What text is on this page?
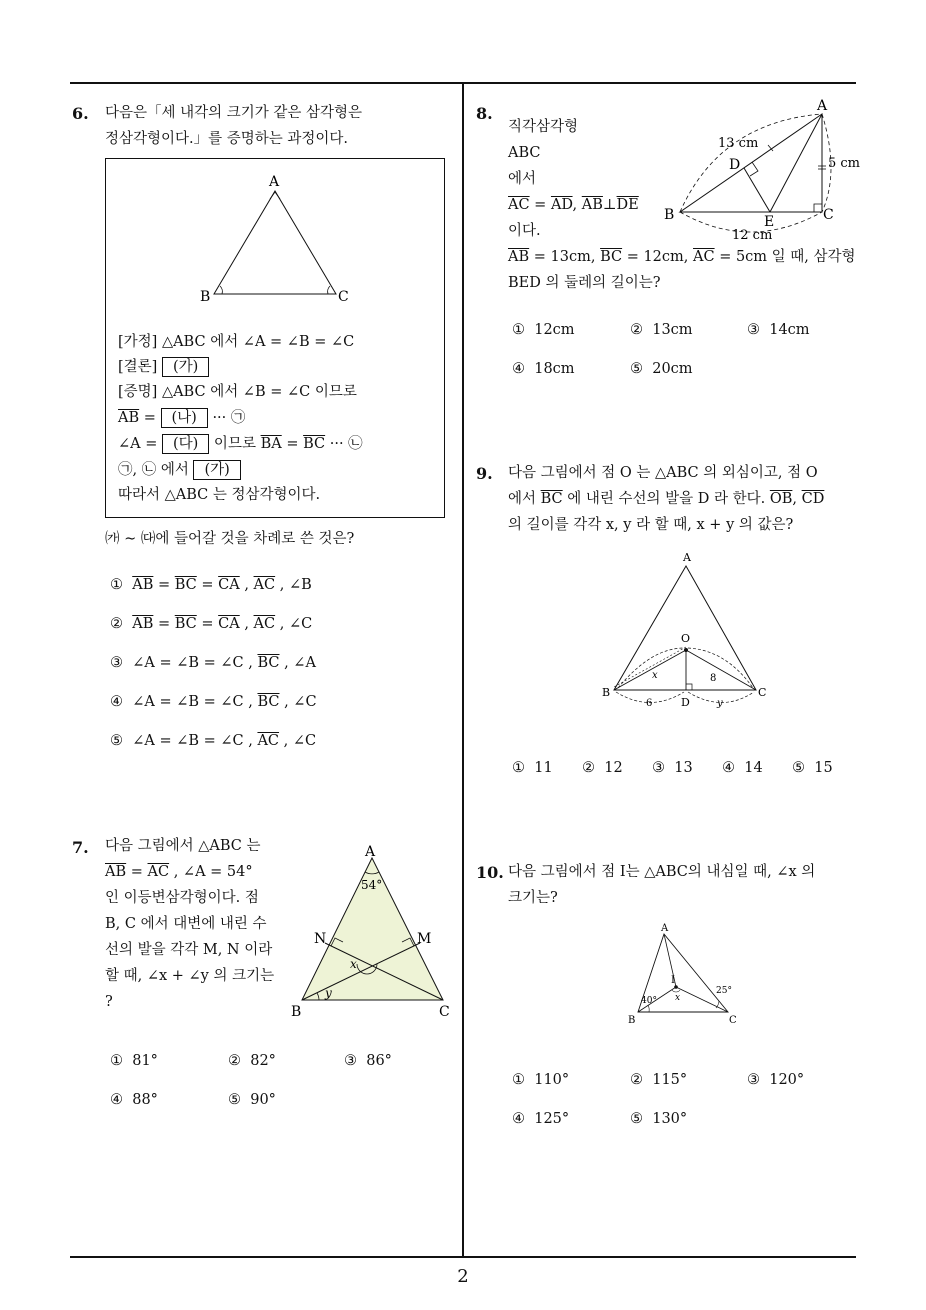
2
6. 다음은「세 내각의 크기가 같은 삼각형은
정삼각형이다.」를 증명하는 과정이다.
A
B	C
[가정] △ABC 에서 ∠A = ∠B = ∠C
[결론] (가)
[증명] △ABC 에서 ∠B = ∠C 이므로
$\overline{AB}$ = (나) ··· ㉠
∠A = (다) 이므로 $\overline{BA} = \overline{BC}$ ··· ㉡
㉠, ㉡ 에서 (가)
따라서 △ABC 는 정삼각형이다.
㈎ ∼ ㈐에 들어갈 것을 차례로 쓴 것은?
① $\overline{AB} = \overline{BC} = \overline{CA}$ , $\overline{AC}$ , ∠B
② $\overline{AB} = \overline{BC} = \overline{CA}$ , $\overline{AC}$ , ∠C
③ ∠A = ∠B = ∠C , $\overline{BC}$ , ∠A
④ ∠A = ∠B = ∠C , $\overline{BC}$ , ∠C
⑤ ∠A = ∠B = ∠C , $\overline{AC}$ , ∠C
7. 다음 그림에서 △ABC 는
$\overline{AB} = \overline{AC}$ , ∠A = 54°
인 이등변삼각형이다. 점
B, C 에서 대변에 내린 수
선의 발을 각각 M, N 이라
할 때, ∠x + ∠y 의 크기는
?
A
B	C
N	M
54°
x
y
① 81°	② 82°	③ 86°
④ 88°	⑤ 90°
8.
직각삼각형
ABC
에서
$\overline{AC} = \overline{AD}$, $\overline{AB}\perp\overline{DE}$
이다.
$\overline{AB} = 13cm$, $\overline{BC} = 12cm$, $\overline{AC} = 5cm$ 일 때, 삼각형
BED 의 둘레의 길이는?
A
B	C
D
E
13 cm
5 cm
12 cm
① 12cm	② 13cm	③ 14cm
④ 18cm	⑤ 20cm
9. 다음 그림에서 점 O 는 △ABC 의 외심이고, 점 O
에서 $\overline{BC}$ 에 내린 수선의 발을 D 라 한다. $\overline{OB}$, $\overline{CD}$
의 길이를 각각 x, y 라 할 때, x + y 의 값은?
A
B	C
O
D
x	8
6	y
① 11 ② 12 ③ 13 ④ 14 ⑤ 15
10. 다음 그림에서 점 I는 △ABC의 내심일 때, ∠x 의
크기는?
A
B	C
I
40°
25°
x
① 110°	② 115°	③ 120°
④ 125°	⑤ 130°
